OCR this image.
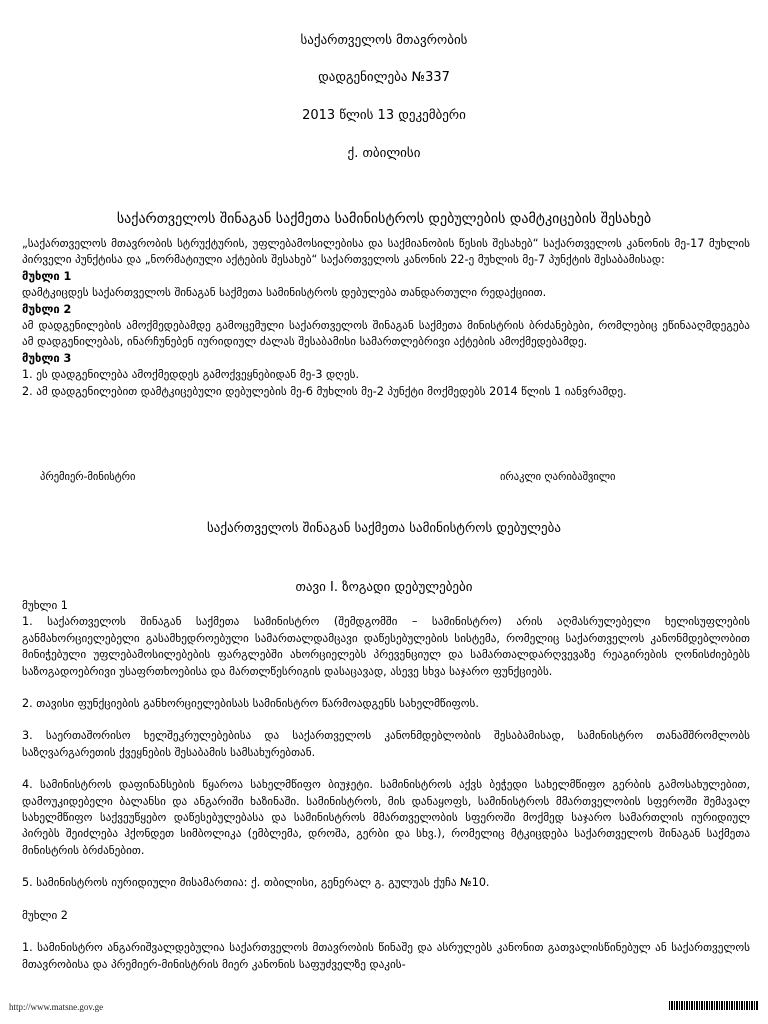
საქართველოს მთავრობის
დადგენილება №337
2013 წლის 13 დეკემბერი
ქ. თბილისი
საქართველოს შინაგან საქმეთა სამინისტროს დებულების დამტკიცების შესახებ

„საქართველოს მთავრობის სტრუქტურის, უფლებამოსილებისა და საქმიანობის წესის შესახებ“ საქართველოს კანონის მე-17 მუხლის პირველი პუნქტისა და „ნორმატიული აქტების შესახებ“ საქართველოს კანონის 22-ე მუხლის მე-7 პუნქტის შესაბამისად:

მუხლი 1

დამტკიცდეს საქართველოს შინაგან საქმეთა სამინისტროს დებულება თანდართული რედაქციით.

მუხლი 2

ამ დადგენილების ამოქმედებამდე გამოცემული საქართველოს შინაგან საქმეთა მინისტრის ბრძანებები, რომლებიც ეწინააღმდეგება ამ დადგენილებას, ინარჩუნებენ იურიდიულ ძალას შესაბამისი სამართლებრივი აქტების ამოქმედებამდე.

მუხლი 3

1. ეს დადგენილება ამოქმედდეს გამოქვეყნებიდან მე-3 დღეს.

2. ამ დადგენილებით დამტკიცებული დებულების მე-6 მუხლის მე-2 პუნქტი მოქმედებს 2014 წლის 1 იანვრამდე.

პრემიერ-მინისტრი	ირაკლი ღარიბაშვილი
საქართველოს შინაგან საქმეთა სამინისტროს დებულება
თავი I. ზოგადი დებულებები
მუხლი 1

1. საქართველოს შინაგან საქმეთა სამინისტრო (შემდგომში – სამინისტრო) არის აღმასრულებელი ხელისუფლების განმახორციელებელი გასამხედროებული სამართალდამცავი დაწესებულების სისტემა, რომელიც საქართველოს კანონმდებლობით მინიჭებული უფლებამოსილებების ფარგლებში ახორციელებს პრევენციულ და სამართალდარღვევაზე რეაგირების ღონისძიებებს საზოგადოებრივი უსაფრთხოებისა და მართლწესრიგის დასაცავად, ასევე სხვა საჯარო ფუნქციებს.

2. თავისი ფუნქციების განხორციელებისას სამინისტრო წარმოადგენს სახელმწიფოს.

3. საერთაშორისო ხელშეკრულებებისა და საქართველოს კანონმდებლობის შესაბამისად, სამინისტრო თანამშრომლობს საზღვარგარეთის ქვეყნების შესაბამის სამსახურებთან.

4. სამინისტროს დაფინანსების წყაროა სახელმწიფო ბიუჯეტი. სამინისტროს აქვს ბეჭედი სახელმწიფო გერბის გამოსახულებით, დამოუკიდებელი ბალანსი და ანგარიში ხაზინაში. სამინისტროს, მის დანაყოფს, სამინისტროს მმართველობის სფეროში შემავალ სახელმწიფო საქვეუწყებო დაწესებულებასა და სამინისტროს მმართველობის სფეროში მოქმედ საჯარო სამართლის იურიდიულ პირებს შეიძლება ჰქონდეთ სიმბოლიკა (ემბლემა, დროშა, გერბი და სხვ.), რომელიც მტკიცდება საქართველოს შინაგან საქმეთა მინისტრის ბრძანებით.

5. სამინისტროს იურიდიული მისამართია: ქ. თბილისი, გენერალ გ. გულუას ქუჩა №10.

მუხლი 2

1. სამინისტრო ანგარიშვალდებულია საქართველოს მთავრობის წინაშე და ასრულებს კანონით გათვალისწინებულ ან საქართველოს მთავრობისა და პრემიერ-მინისტრის მიერ კანონის საფუძველზე დაკის-

http://www.matsne.gov.ge
